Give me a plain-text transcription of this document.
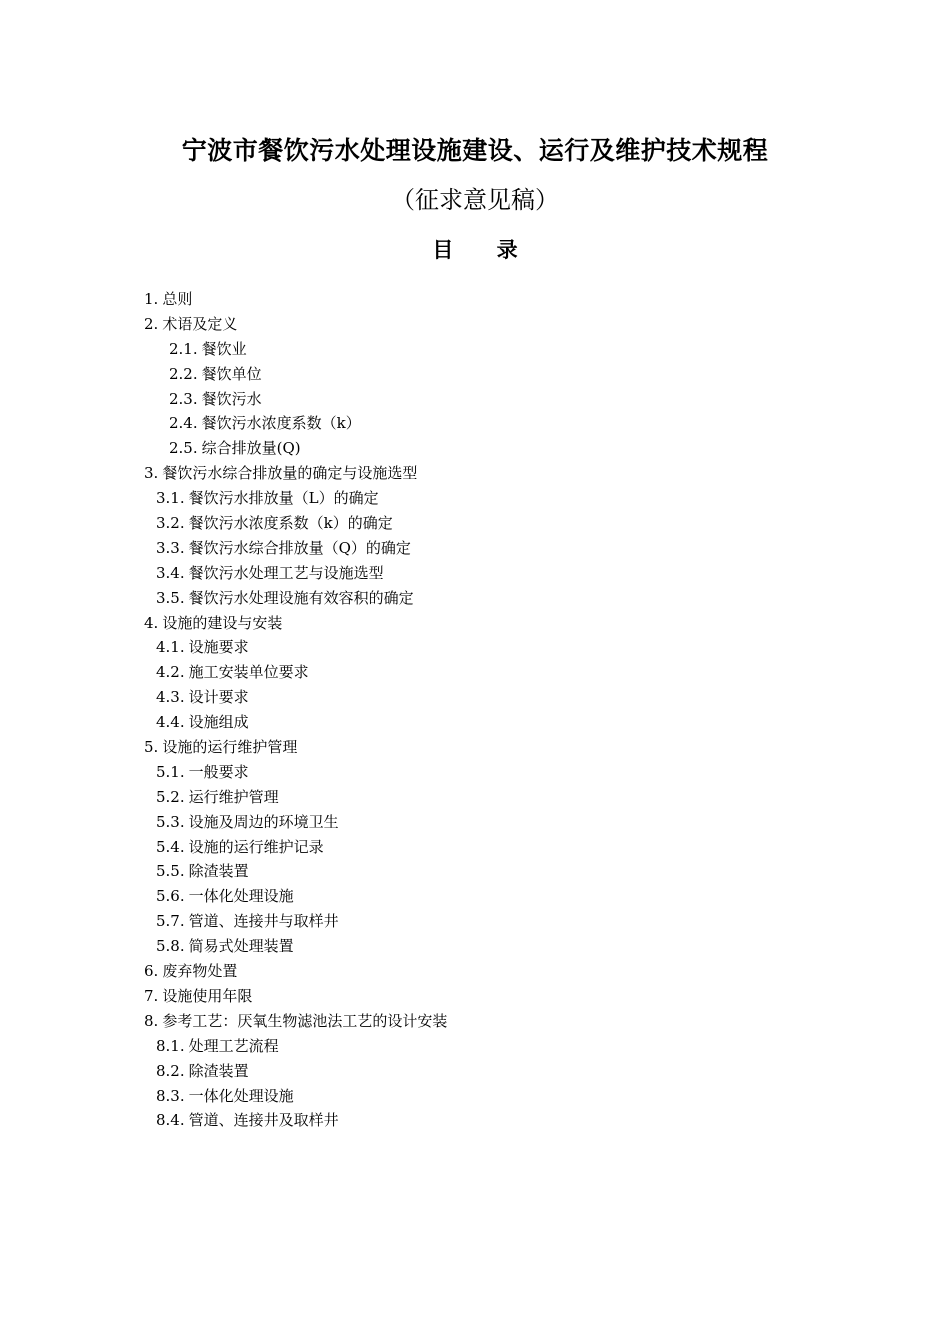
宁波市餐饮污水处理设施建设、运行及维护技术规程
（征求意见稿）
目 录
1. 总则
2. 术语及定义
2.1. 餐饮业
2.2. 餐饮单位
2.3. 餐饮污水
2.4. 餐饮污水浓度系数（k）
2.5. 综合排放量(Q)
3. 餐饮污水综合排放量的确定与设施选型
3.1. 餐饮污水排放量（L）的确定
3.2. 餐饮污水浓度系数（k）的确定
3.3. 餐饮污水综合排放量（Q）的确定
3.4. 餐饮污水处理工艺与设施选型
3.5. 餐饮污水处理设施有效容积的确定
4. 设施的建设与安装
4.1. 设施要求
4.2. 施工安装单位要求
4.3. 设计要求
4.4. 设施组成
5. 设施的运行维护管理
5.1. 一般要求
5.2. 运行维护管理
5.3. 设施及周边的环境卫生
5.4. 设施的运行维护记录
5.5. 除渣装置
5.6. 一体化处理设施
5.7. 管道、连接井与取样井
5.8. 简易式处理装置
6. 废弃物处置
7. 设施使用年限
8. 参考工艺：厌氧生物滤池法工艺的设计安装
8.1. 处理工艺流程
8.2. 除渣装置
8.3. 一体化处理设施
8.4. 管道、连接井及取样井
